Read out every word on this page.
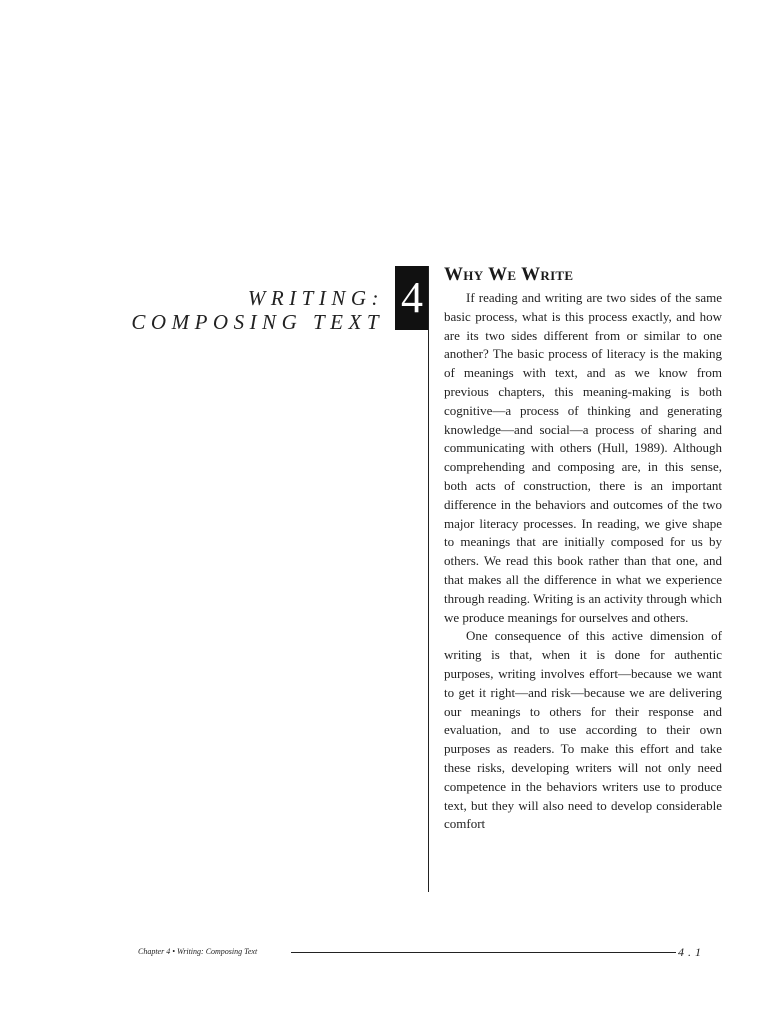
WRITING:
COMPOSING TEXT 4	Why We Write

If reading and writing are two sides of the same basic process, what is this process exactly, and how are its two sides different from or similar to one another? The basic process of literacy is the making of meanings with text, and as we know from previous chapters, this meaning-making is both cognitive—a process of thinking and generating knowledge—and social—a process of sharing and communicating with others (Hull, 1989). Although comprehending and composing are, in this sense, both acts of construction, there is an important difference in the behaviors and outcomes of the two major literacy processes. In reading, we give shape to meanings that are initially composed for us by others. We read this book rather than that one, and that makes all the difference in what we experience through reading. Writing is an activity through which we produce meanings for ourselves and others.

One consequence of this active dimension of writing is that, when it is done for authentic purposes, writing involves effort—because we want to get it right—and risk—because we are delivering our meanings to others for their response and evaluation, and to use according to their own purposes as readers. To make this effort and take these risks, developing writers will not only need competence in the behaviors writers use to produce text, but they will also need to develop considerable comfort

Chapter 4 • Writing: Composing Text	4.1
